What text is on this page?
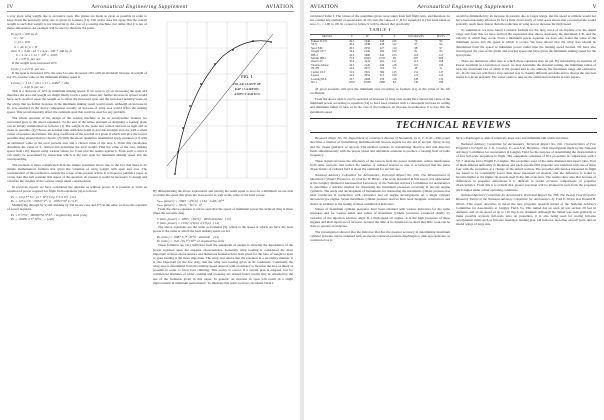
IV	Aeronautical Engineering Supplement	AVIATION

a very great wing weight due to excessive span. The planes are made as clean as possible in order to keep down the necessary wing size as given by formula (11). The writer does not agree that the overall weight is such that weight is not important in the case of a soaring machine, but rather that it is not of major importance. An example will be used to illustrate the point.

In (a) S = 200 sq. ft.
b = 50
C_D = 100
b = 40, D_o = W
then  S = 3.46 - 40 + 1.414 - 100 + 196 sq. ft.
b = 1.12 ÷ 1.12 × .10² = .0195
k = 235 ft. per sec.

If the weight were increased 10%

k (sec.) = 2.27 ft. per sec.

If the span is increased 10%, the area S is also increased 10% with an attendant increase in weight of say 2%, but the value of the minimum sinking speed is

k (min.) = 1.12 × 20.1 × 11 ÷ .0462² × 262
= 2.20 ft. per sec.

This is a decrease of 12% in minimum sinking speed. If we were to go on increasing the span and therefore the area and weight we might finally reach a point where any further increase in spread would have such an effect upon the weight as to offset the increased span and the increased bending loads on the wings that no further decrease in the minimum sinking speed would result. Although an increase in D₀ was assumed in the above comparison actually an increase of wing area would affect the sinking speed. This would naturally affect the optimum span that could be used for any problem.

The whole question of the design of the soaring machine as far as aerodynamic features are concerned goes to the above equations. To the end of the entire problem of designing a soaring plane can be simply summarized as follows: (1) The weight of the plane and control surfaces as light and as clean as possible. (2) Choose an aerofoil with sufficient depth to provide strength and one with a small center of pressure movement. The drag coefficient of the aerofoil at a given β which will give the lowest possible drag should then be chosen. (3) With the above quantities determined apply equation (11) with an estimated value of the total parasite area and a chosen value of the area S. From this calculation determine the value of S₀ desired and determine the total weight. Find the value of the area, sinking speed from (10). Repeat using various values for b and plot the results against b. From such a curve it can easily be ascertained by inspection which is the best span for minimum sinking speed and the corresponding.

The problem is more complicated than the simple statement above due to the fact that there is no simple mathematical formula that gives the variation of wing weight with span and area. The consideration of this problem is outside the scope of the present article. It is hoped to publish a paper at a later date that will consider this aspect of the question. At present it would be necessary to design and calculate the weights of the various wings under consideration.

In previous reports we have considered the airplane as without power. It is possible to write an equation of power required for flight from equations (4) as follows:

Pₕ = 1/2 ρ V³ S C_D + W²/(1/2 ρ V S π b²)   (12)
Pₕ = 125 L/√V · .00327 V³ / σ · .00327 W² σ / π b²

Multiplying through by V and dividing by 550 in one case and 375 in the other we have the equation of power required,

Pₕ = L³/75V · .0000075σ V³/b² ... engineering units (12a)
Pₕ = .00261 σ V³ W³/σ · ... (12b)
FIG. 1
POLAR CURVE OF
RAF 15 AIRFOIL
ASPECT RATIO 6

By differentiating the above expressions and placing the result equal to zero for a minimum we are able to obtain the speed that gives the least power as well as the value of the least power.

Vₘᵢₙ (power) = .5963 · √(W/σ) · (1/b) · 1/4(S₀·σ)¹⁄⁴
Vₘᵢₙ (power) = .66 D₀ · W/√σ · b²

From the above equation it can be seen that the speed of minimum power the induced drag is three times the parasitic drag.

V (min. power) = .2695 · √(W/σ) · .0059 absolute   (13)
V (min. power) = 19.62 √(W/σ) √(1/S₀σ)   (14)

The above equations are the same as formulas (9), which is the speed at which we have the least power is the same at which the least sinking speed occurs.

Pₕ (min.) = .0087 S₀¹⁄⁴ √W³/σ · absolute    (14)
Pₕ (min.) = .042 √(S₀¹⁄²) W³⁄² √σ engineering units

These formulas are very sufficient from the standpoint of design as showing the dependence of the power required upon the airplane characteristics. Generally wing loading is considered the most important of these characteristics and numerous formulas have been given for the ratio of weight to span or span loading is the more important. The wing area enters into the equation in a secondary manner. It is also important for the low drag, that the wing area loading gives us all conditions. Commonly the wing area is determined from the landing speed desired, with a tendency to increase the area as much as possible in order to favor best climbing. This policy is correct if a certain plan is adopted, but for commercial airplanes of wider cruising and economy are desired better results may be obtained by the use of the formulas given in this paper. In general, an increase in span will result in a slight improvement in minimum performance. To illustrate this point we have calculated Table I.

AVIATION	Aeronautical Engineering Supplement	V

calculated Table I. The values of the quantities given were taken from full flight tests, and therefore do not contain any element of speculation. In all cases the value of C_D for equation (11) has been taken as zero. C₀ = 1.00 to .00. In a paper to follow it will be shown that practically

TABLE I
Machine	b	W	S	V	Calculated Pₕ	Test Pₕ
Fokker D.VII	29.5	1940	236	106	79	82
SE-5	26.6	2048	248	112	97	94
Spad XIII	26.3	2050	227	114	98	97
Vought VE-7	34.1	2100	284	100	81	85
DH-4	42.4	3680	440	103	118	121
Martin MB-1	71.4	10225	1070	99	287	290
Orenco D	30.0	2432	261	121	112	108
Thomas-Morse	26.5	2120	240	118	101	104
JN-4H	43.6	2017	352	74	48	51
Curtiss 18-T	31.9	2901	309	125	152	147
Lepere	41.6	3655	415	106	121	125
Loening M-8	32.7	2608	230	118	128	130
NC-1	126.0	27000	2380	82	740	760

all good aerofoils will give the minimum area according to formula (11) at the value of the lift coefficient.

From the above table it can be seen that an increase of wing area would have altered the value of the minimum power according to equation (14) to have been attained with a consequent increase in ceiling and minimum radius of turn, or in the case of the bombers, an increase in endurance. It is true that the maximum speed

would be diminished by an increase in parasite due to larger wings, but the speed at altitude would not have been materially affected. In fact a little closer study of wind areas shows that a pursuit plane would probably reach more fastest than the reduction of wing area to increase the high speed.

To summarize, we have found a rational formula for the drag curve of an airplane over the useful range and from that we have derived the expression that shows separately the maximum L/D, and the velocity at which they occur. From a minimum power equation we have also found the value of the minimum power and the speed at which it occurs. We have shown that the wing area should be determined from the speed of minimum power rather than the landing speed desired. We have also investigated the case of the glider and soaring speed and have given the minimum sinking speed for the sport plane.

There are numerous other uses to which these equations may be put. By introducing an equation of Power Available as a function of speed, we may determine the absolute ceiling, the minimum radius of turn, the maximum rate of climb at the ground and at any altitude, the maximum range and endurance etc. In all cases we will find a very rational way to classify different aerofoils and to choose the one best suited to a given problem. The writer plans to take up the additional problems in later papers.

TECHNICAL REVIEWS

Research Paper No. 30, Department of Commerce Bureau of Standards, by E. F. Scott—This paper describes a method of transmitting multidirectional beacon signals for the aid of aircraft flying in fog and the visual guidance of aircraft. The method consists in transmitting directive and non-directive fields simultaneously with the proper phase and amplitude relations to produce a rotating field of radio frequency.

These signals increase the efficiency of the beacon from the power standpoint, reduce interference from other beacons, and reduce the number of radiated sources to one. It is believed that the pulse characteristic of radiated field is about the optimum for aircraft use.

National Advisory Committee for Aeronautics, Technical Report No. 290, The Measurement of Maximum Cylinder Pressures, by Charles W. Hicks—The work presented in this report was undertaken at the Langley Memorial Aeronautical Laboratory of the National Advisory Committee for Aeronautics to determine a suitable method for measuring the maximum pressures occurring in aircraft engine cylinders. The study and development of instruments for measuring the maximum cylinder pressure has been conducted in connection with carburetor and oil engine investigations on a single cylinder aircooled-type engine. Seven maximum cylinder pressure devices have been designed, constructed, and tested, in addition to the testing of three commercial indicators.

Values of maximum cylinder pressures have been obtained with various indicators for the same pressures and for various kinds and values of maximum cylinder pressures, produced chiefly by variation of the injection advance angle in a high-speed oil engine. It is the high pressures of these engines and their rapid rate of increase, because the time of its duration is so short that little work can be done to operate an indicator.

The investigation showed that the indicator that has the greatest accuracy in determining maximum cylinder pressure can be obtained with an electric balanced-pressure diaphragm or disk-type indicator as constructed as to

have a diaphragm or disk of relatively large area and minimum unit width and mass.

National Advisory Committee for Aeronautics, Technical Report No. 302, Characteristics of Five Propellers in Flight, by J. D. Crowley, Jr., and E. P. Hartman—This investigation made by the National Advisory Committee for Aeronautics at Langley Field for the purpose of determining the characteristics of five full-scale propellers in flight. The equipment consisted of five propellers in conjunction with a VE-7 airplane and a Wright E-2 engine. The propellers were of the same diameter and aspect ratio. Four of them differed uniformly in thickness and pitch and the fifth propeller was identical with one of these four with the exception of a change of the airfoil section. The propeller efficiencies measured in flight are found to be consistently lower than those measured on models, and the difference is found to become higher at the higher tip speeds used in the full-scale tests. The results show also that because of differences in propeller deflections it is difficult to obtain accurate comparisons of propeller characteristics. From this it is evident that greater precision will be attained in tests from the propeller pitch angles under actual operating conditions.

National Advisory Committee for Aeronautics, Technical Report No. 306, The Twenty Foot Propeller Research Tunnel of the National Advisory Committee for Aeronautics, by Fred E. Weick and Donald H. Wood—This report describes in detail the new propeller research tunnel of the National Advisory Committee for Aeronautics at Langley Field, Va. This tunnel has an open jet test section 20 feet in diameter, and an air speed of up to 110 m.p.h are obtained. Although the tunnel was built primarily to make possible accurate full-scale tests on propellers, it is also being used for testing full-size aerodynamic items such as full-size fuselages, landing gear, tail surfaces, and other aircraft parts, and on model wings of large size.
